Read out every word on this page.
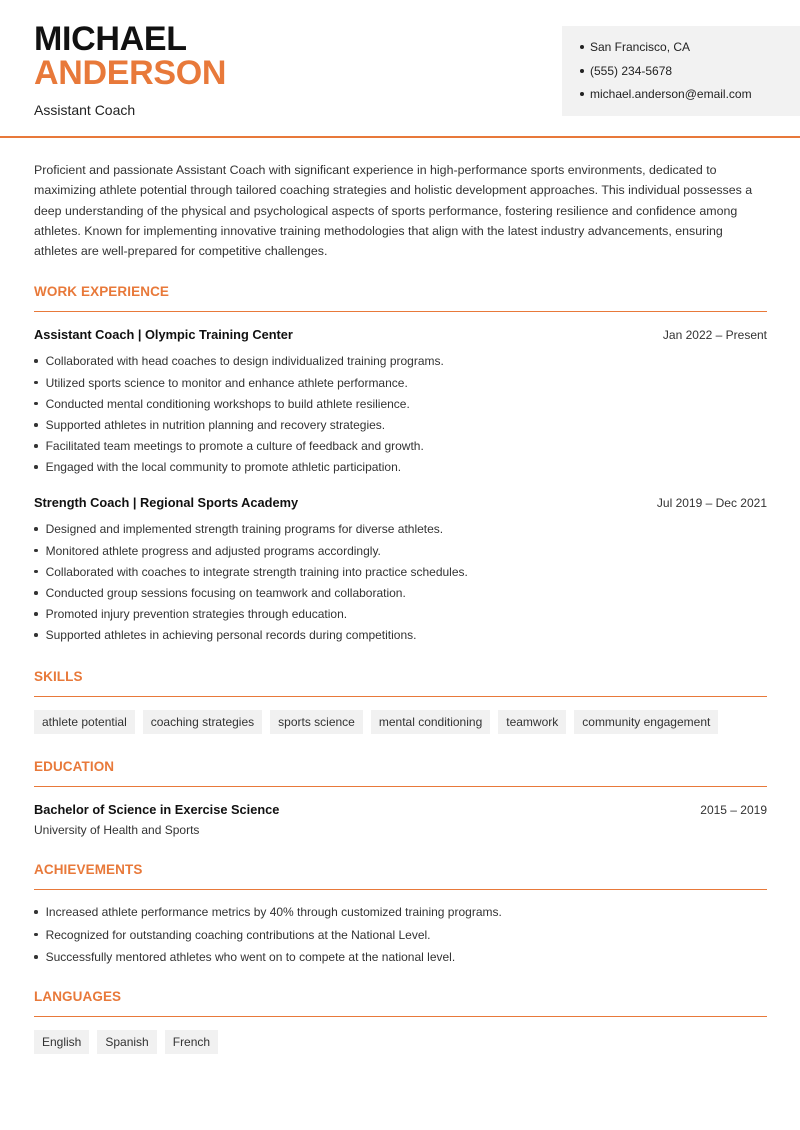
MICHAEL
ANDERSON
Assistant Coach
San Francisco, CA
(555) 234-5678
michael.anderson@email.com

Proficient and passionate Assistant Coach with significant experience in high-performance sports environments, dedicated to maximizing athlete potential through tailored coaching strategies and holistic development approaches. This individual possesses a deep understanding of the physical and psychological aspects of sports performance, fostering resilience and confidence among athletes. Known for implementing innovative training methodologies that align with the latest industry advancements, ensuring athletes are well-prepared for competitive challenges.

WORK EXPERIENCE
Assistant Coach | Olympic Training Center	Jan 2022 – Present
Collaborated with head coaches to design individualized training programs.
Utilized sports science to monitor and enhance athlete performance.
Conducted mental conditioning workshops to build athlete resilience.
Supported athletes in nutrition planning and recovery strategies.
Facilitated team meetings to promote a culture of feedback and growth.
Engaged with the local community to promote athletic participation.
Strength Coach | Regional Sports Academy	Jul 2019 – Dec 2021
Designed and implemented strength training programs for diverse athletes.
Monitored athlete progress and adjusted programs accordingly.
Collaborated with coaches to integrate strength training into practice schedules.
Conducted group sessions focusing on teamwork and collaboration.
Promoted injury prevention strategies through education.
Supported athletes in achieving personal records during competitions.
SKILLS
athlete potential	coaching strategies	sports science	mental conditioning	teamwork	community engagement
EDUCATION
Bachelor of Science in Exercise Science	2015 – 2019
University of Health and Sports
ACHIEVEMENTS
Increased athlete performance metrics by 40% through customized training programs.
Recognized for outstanding coaching contributions at the National Level.
Successfully mentored athletes who went on to compete at the national level.
LANGUAGES
English	Spanish	French
